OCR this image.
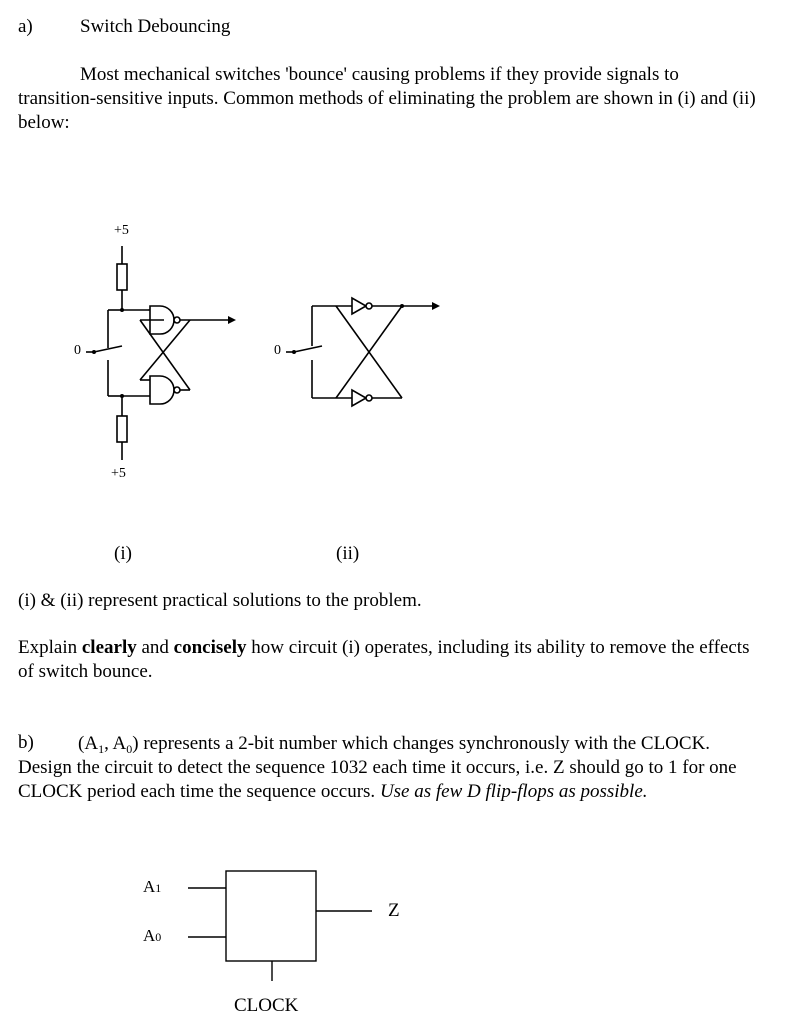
a) Switch Debouncing
Most mechanical switches 'bounce' causing problems if they provide signals to transition-sensitive inputs. Common methods of eliminating the problem are shown in (i) and (ii) below:
+5
0
+5
0
(i)	(ii)
(i) & (ii) represent practical solutions to the problem.
Explain clearly and concisely how circuit (i) operates, including its ability to remove the effects of switch bounce.
b)	($A_1$, $A_0$) represents a 2-bit number which changes synchronously with the CLOCK. Design the circuit to detect the sequence 1032 each time it occurs, i.e. Z should go to 1 for one CLOCK period each time the sequence occurs. Use as few D flip-flops as possible.
A1
A0
Z
CLOCK
